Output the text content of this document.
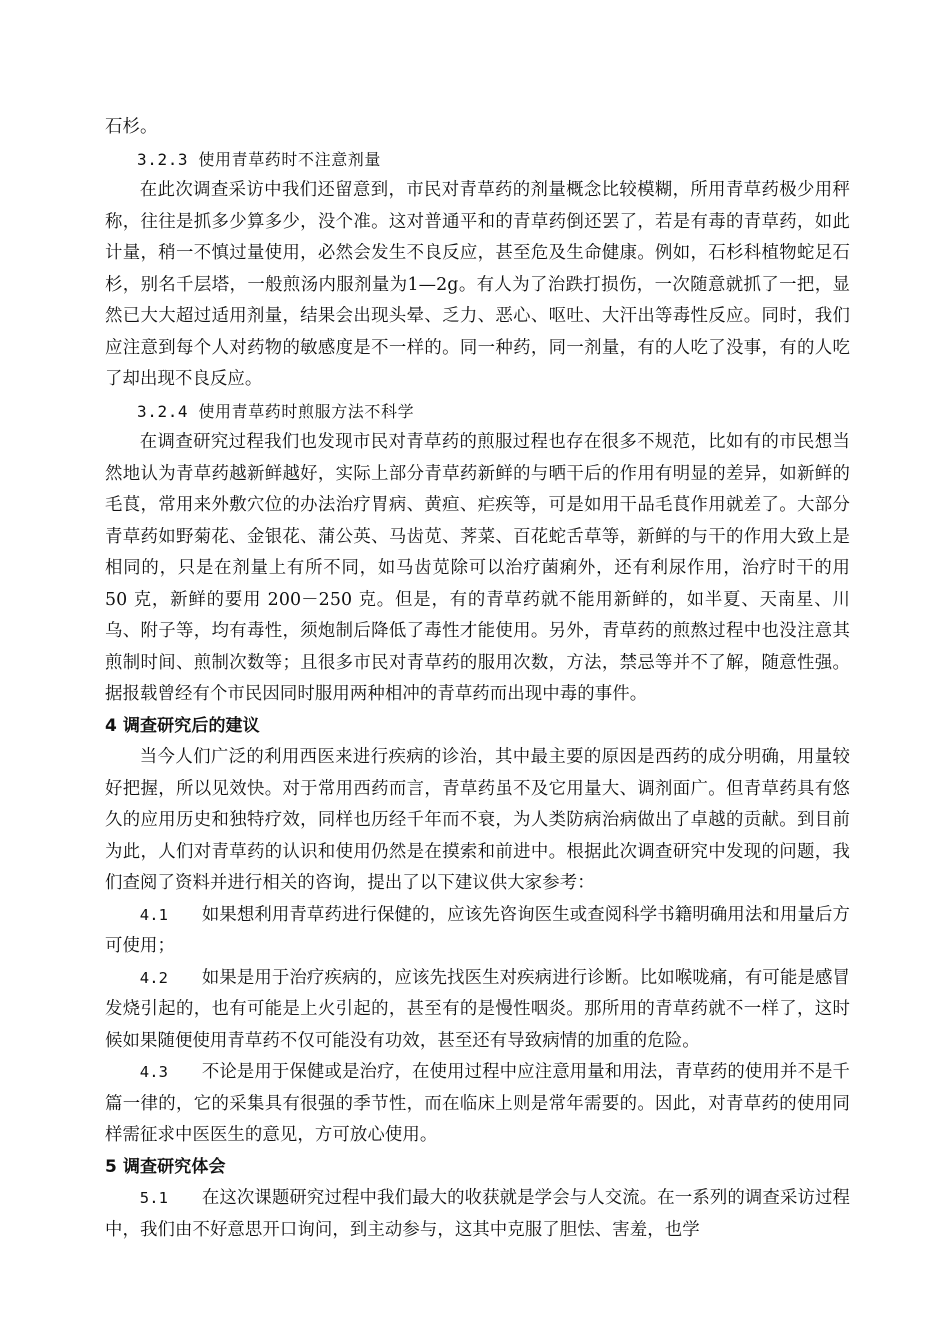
石杉。

3.2.3 使用青草药时不注意剂量

在此次调查采访中我们还留意到，市民对青草药的剂量概念比较模糊，所用青草药极少用秤称，往往是抓多少算多少，没个准。这对普通平和的青草药倒还罢了，若是有毒的青草药，如此计量，稍一不慎过量使用，必然会发生不良反应，甚至危及生命健康。例如，石杉科植物蛇足石杉，别名千层塔，一般煎汤内服剂量为1—2g。有人为了治跌打损伤，一次随意就抓了一把，显然已大大超过适用剂量，结果会出现头晕、乏力、恶心、呕吐、大汗出等毒性反应。同时，我们应注意到每个人对药物的敏感度是不一样的。同一种药，同一剂量，有的人吃了没事，有的人吃了却出现不良反应。

3.2.4 使用青草药时煎服方法不科学

在调查研究过程我们也发现市民对青草药的煎服过程也存在很多不规范，比如有的市民想当然地认为青草药越新鲜越好，实际上部分青草药新鲜的与晒干后的作用有明显的差异，如新鲜的毛茛，常用来外敷穴位的办法治疗胃病、黄疸、疟疾等，可是如用干品毛茛作用就差了。大部分青草药如野菊花、金银花、蒲公英、马齿苋、荠菜、百花蛇舌草等，新鲜的与干的作用大致上是相同的，只是在剂量上有所不同，如马齿苋除可以治疗菌痢外，还有利尿作用，治疗时干的用 50 克，新鲜的要用 200－250 克。但是，有的青草药就不能用新鲜的，如半夏、天南星、川乌、附子等，均有毒性，须炮制后降低了毒性才能使用。另外，青草药的煎熬过程中也没注意其煎制时间、煎制次数等；且很多市民对青草药的服用次数，方法，禁忌等并不了解，随意性强。据报载曾经有个市民因同时服用两种相冲的青草药而出现中毒的事件。

4 调查研究后的建议

当今人们广泛的利用西医来进行疾病的诊治，其中最主要的原因是西药的成分明确，用量较好把握，所以见效快。对于常用西药而言，青草药虽不及它用量大、调剂面广。但青草药具有悠久的应用历史和独特疗效，同样也历经千年而不衰，为人类防病治病做出了卓越的贡献。到目前为此，人们对青草药的认识和使用仍然是在摸索和前进中。根据此次调查研究中发现的问题，我们查阅了资料并进行相关的咨询，提出了以下建议供大家参考：

4.1 如果想利用青草药进行保健的，应该先咨询医生或查阅科学书籍明确用法和用量后方可使用；

4.2 如果是用于治疗疾病的，应该先找医生对疾病进行诊断。比如喉咙痛，有可能是感冒发烧引起的，也有可能是上火引起的，甚至有的是慢性咽炎。那所用的青草药就不一样了，这时候如果随便使用青草药不仅可能没有功效，甚至还有导致病情的加重的危险。

4.3 不论是用于保健或是治疗，在使用过程中应注意用量和用法，青草药的使用并不是千篇一律的，它的采集具有很强的季节性，而在临床上则是常年需要的。因此，对青草药的使用同样需征求中医医生的意见，方可放心使用。

5 调查研究体会

5.1 在这次课题研究过程中我们最大的收获就是学会与人交流。在一系列的调查采访过程中，我们由不好意思开口询问，到主动参与，这其中克服了胆怯、害羞，也学
